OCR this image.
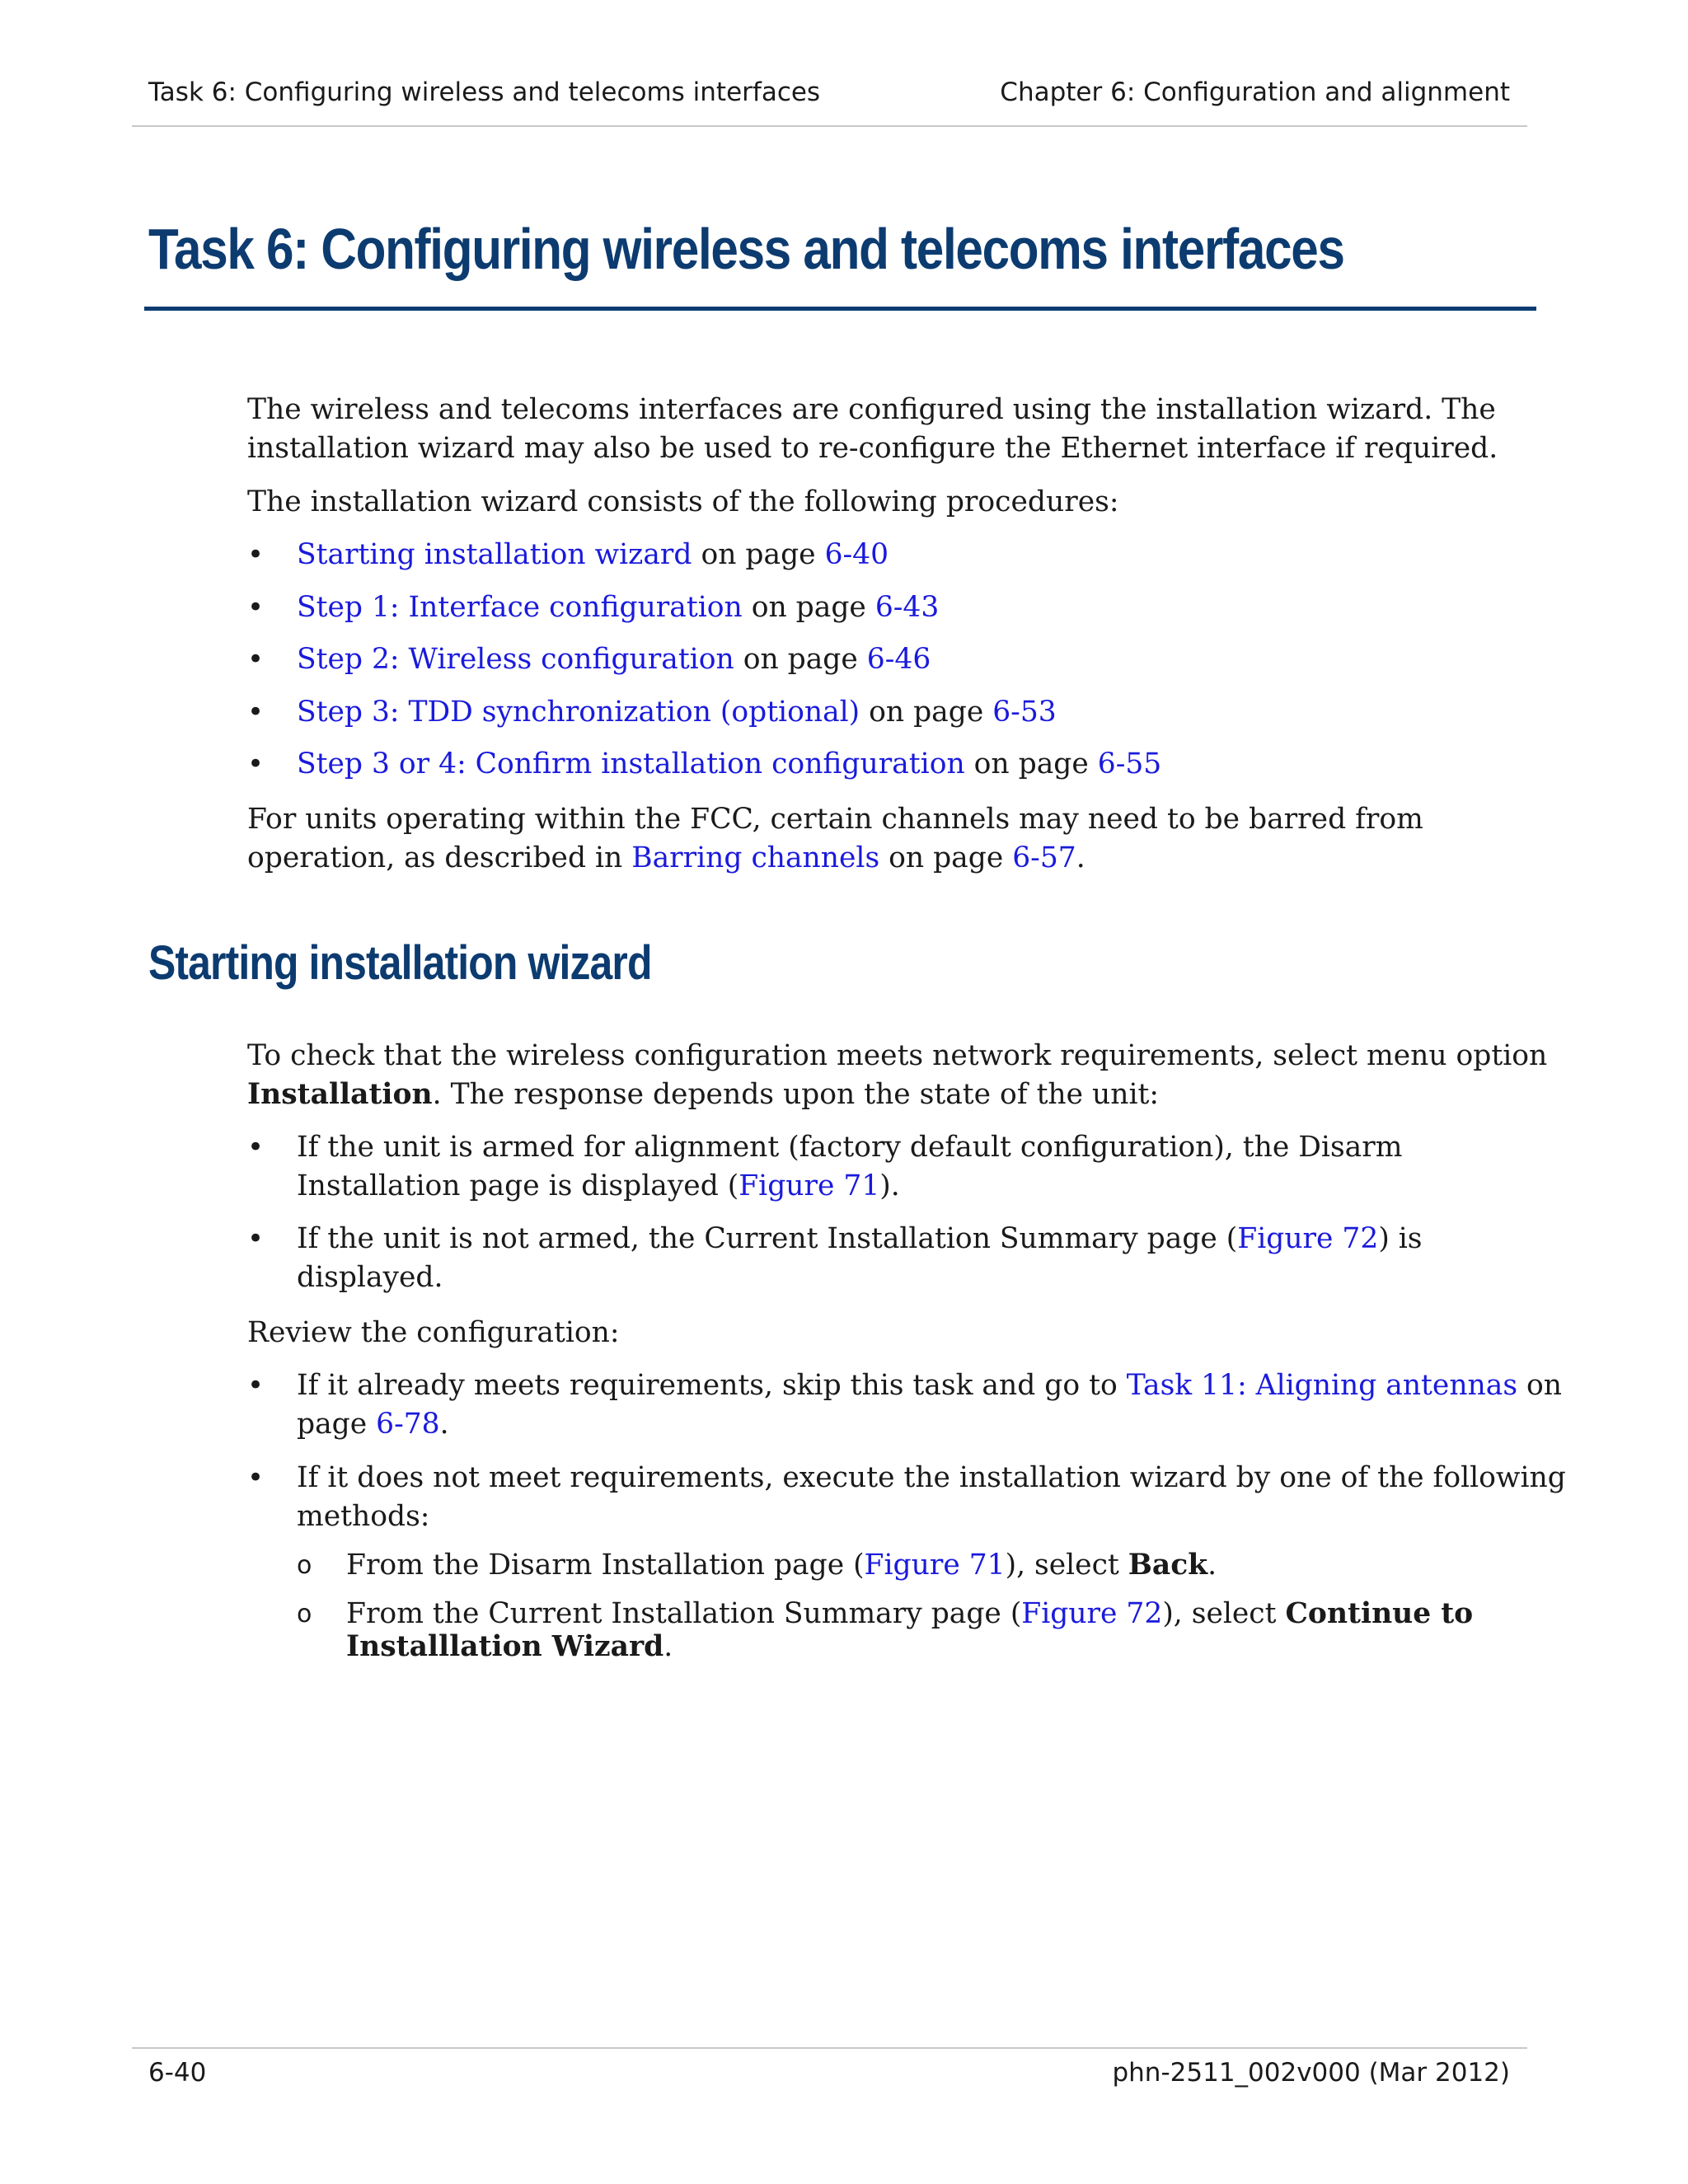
Task 6: Configuring wireless and telecoms interfaces	Chapter 6: Configuration and alignment
Task 6: Configuring wireless and telecoms interfaces
The wireless and telecoms interfaces are configured using the installation wizard. The
installation wizard may also be used to re-configure the Ethernet interface if required.
The installation wizard consists of the following procedures:
• Starting installation wizard on page 6-40
• Step 1: Interface configuration on page 6-43
• Step 2: Wireless configuration on page 6-46
• Step 3: TDD synchronization (optional) on page 6-53
• Step 3 or 4: Confirm installation configuration on page 6-55
For units operating within the FCC, certain channels may need to be barred from
operation, as described in Barring channels on page 6-57.
Starting installation wizard
To check that the wireless configuration meets network requirements, select menu option
Installation. The response depends upon the state of the unit:
• If the unit is armed for alignment (factory default configuration), the Disarm
Installation page is displayed (Figure 71).
• If the unit is not armed, the Current Installation Summary page (Figure 72) is
displayed.
Review the configuration:
• If it already meets requirements, skip this task and go to Task 11: Aligning antennas on
page 6-78.
• If it does not meet requirements, execute the installation wizard by one of the following
methods:
o From the Disarm Installation page (Figure 71), select Back.
o From the Current Installation Summary page (Figure 72), select Continue to
Installlation Wizard.
6-40	phn-2511_002v000 (Mar 2012)
